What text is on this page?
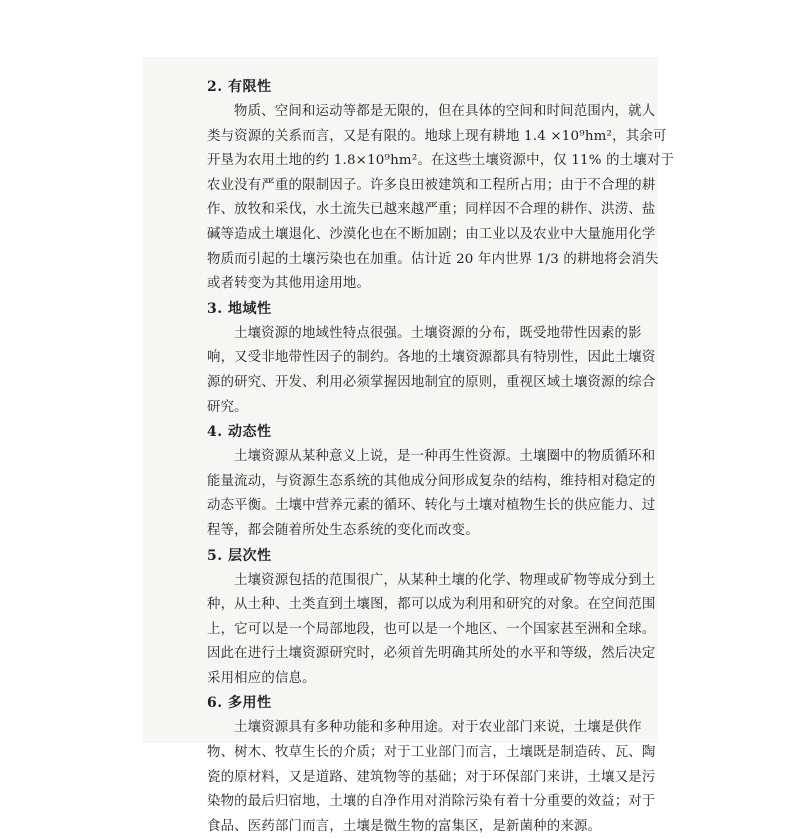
2. 有限性

物质、空间和运动等都是无限的，但在具体的空间和时间范围内，就人

类与资源的关系而言，又是有限的。地球上现有耕地 1.4 ×10⁹hm²，其余可

开垦为农用土地的约 1.8×10⁹hm²。在这些土壤资源中，仅 11% 的土壤对于

农业没有严重的限制因子。许多良田被建筑和工程所占用；由于不合理的耕

作、放牧和采伐，水土流失已越来越严重；同样因不合理的耕作、洪涝、盐

碱等造成土壤退化、沙漠化也在不断加剧；由工业以及农业中大量施用化学

物质而引起的土壤污染也在加重。估计近 20 年内世界 1/3 的耕地将会消失

或者转变为其他用途用地。

3. 地域性

土壤资源的地域性特点很强。土壤资源的分布，既受地带性因素的影

响，又受非地带性因子的制约。各地的土壤资源都具有特別性，因此土壤资

源的研究、开发、利用必须掌握因地制宜的原则，重视区域土壤资源的综合

研究。

4. 动态性

土壤资源从某种意义上说，是一种再生性资源。土壤圈中的物质循环和

能量流动，与资源生态系统的其他成分间形成复杂的结构，维持相对稳定的

动态平衡。土壤中营养元素的循环、转化与土壤对植物生长的供应能力、过

程等，都会随着所处生态系统的变化而改变。

5. 层次性

土壤资源包括的范围很广，从某种土壤的化学、物理或矿物等成分到土

种，从土种、土类直到土壤图，都可以成为利用和研究的对象。在空间范围

上，它可以是一个局部地段，也可以是一个地区、一个国家甚至洲和全球。

因此在进行土壤资源研究时，必须首先明确其所处的水平和等级，然后决定

采用相应的信息。

6. 多用性

土壤资源具有多种功能和多种用途。对于农业部门来说，土壤是供作

物、树木、牧草生长的介质；对于工业部门而言，土壤既是制造砖、瓦、陶

瓷的原材料，又是道路、建筑物等的基础；对于环保部门来讲，土壤又是污

染物的最后归宿地，土壤的自净作用对消除污染有着十分重要的效益；对于

食品、医药部门而言，土壤是微生物的富集区，是新菌种的来源。
